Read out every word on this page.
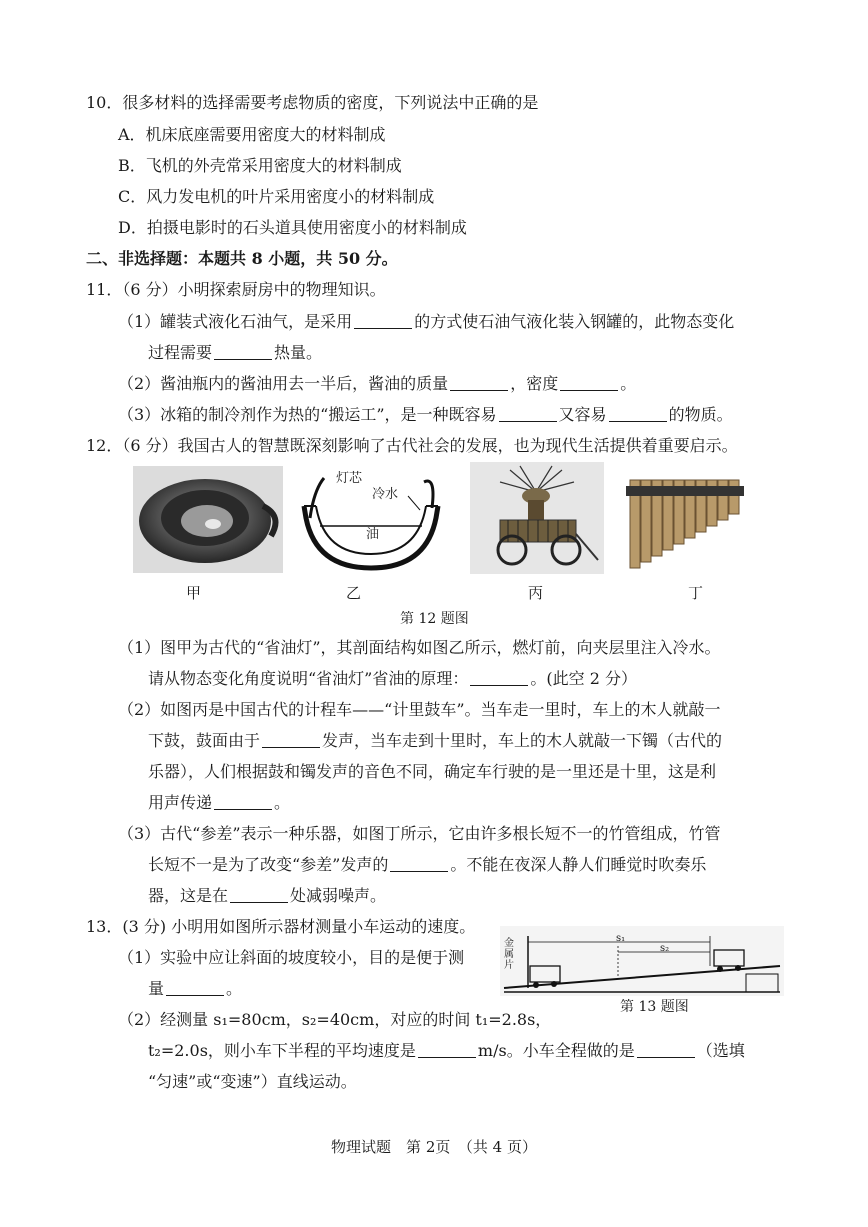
10．很多材料的选择需要考虑物质的密度，下列说法中正确的是
A．机床底座需要用密度大的材料制成
B．飞机的外壳常采用密度大的材料制成
C．风力发电机的叶片采用密度小的材料制成
D．拍摄电影时的石头道具使用密度小的材料制成
二、非选择题：本题共 8 小题，共 50 分。
11．（6 分）小明探索厨房中的物理知识。
（1）罐装式液化石油气，是采用	的方式使石油气液化装入钢罐的，此物态变化
过程需要	热量。
（2）酱油瓶内的酱油用去一半后，酱油的质量	，密度	。
（3）冰箱的制冷剂作为热的“搬运工”，是一种既容易	又容易	的物质。
12．（6 分）我国古人的智慧既深刻影响了古代社会的发展，也为现代生活提供着重要启示。
灯芯
冷水
油
甲	乙	丙	丁
第 12 题图
（1）图甲为古代的“省油灯”，其剖面结构如图乙所示，燃灯前，向夹层里注入冷水。
请从物态变化角度说明“省油灯”省油的原理：	。(此空 2 分）
（2）如图丙是中国古代的计程车——“计里鼓车”。当车走一里时，车上的木人就敲一
下鼓，鼓面由于	发声，当车走到十里时，车上的木人就敲一下镯（古代的
乐器），人们根据鼓和镯发声的音色不同，确定车行驶的是一里还是十里，这是利
用声传递	。
（3）古代“参差”表示一种乐器，如图丁所示，它由许多根长短不一的竹管组成，竹管
长短不一是为了改变“参差”发声的	。不能在夜深人静人们睡觉时吹奏乐
器，这是在	处减弱噪声。
13．(3 分) 小明用如图所示器材测量小车运动的速度。
（1）实验中应让斜面的坡度较小，目的是便于测
量	。
金属片
s₁
s₂
第 13 题图
（2）经测量 s₁=80cm，s₂=40cm，对应的时间 t₁=2.8s，
t₂=2.0s，则小车下半程的平均速度是	m/s。小车全程做的是	（选填
“匀速”或“变速”）直线运动。
物理试题　第 2页　（共 4 页）
